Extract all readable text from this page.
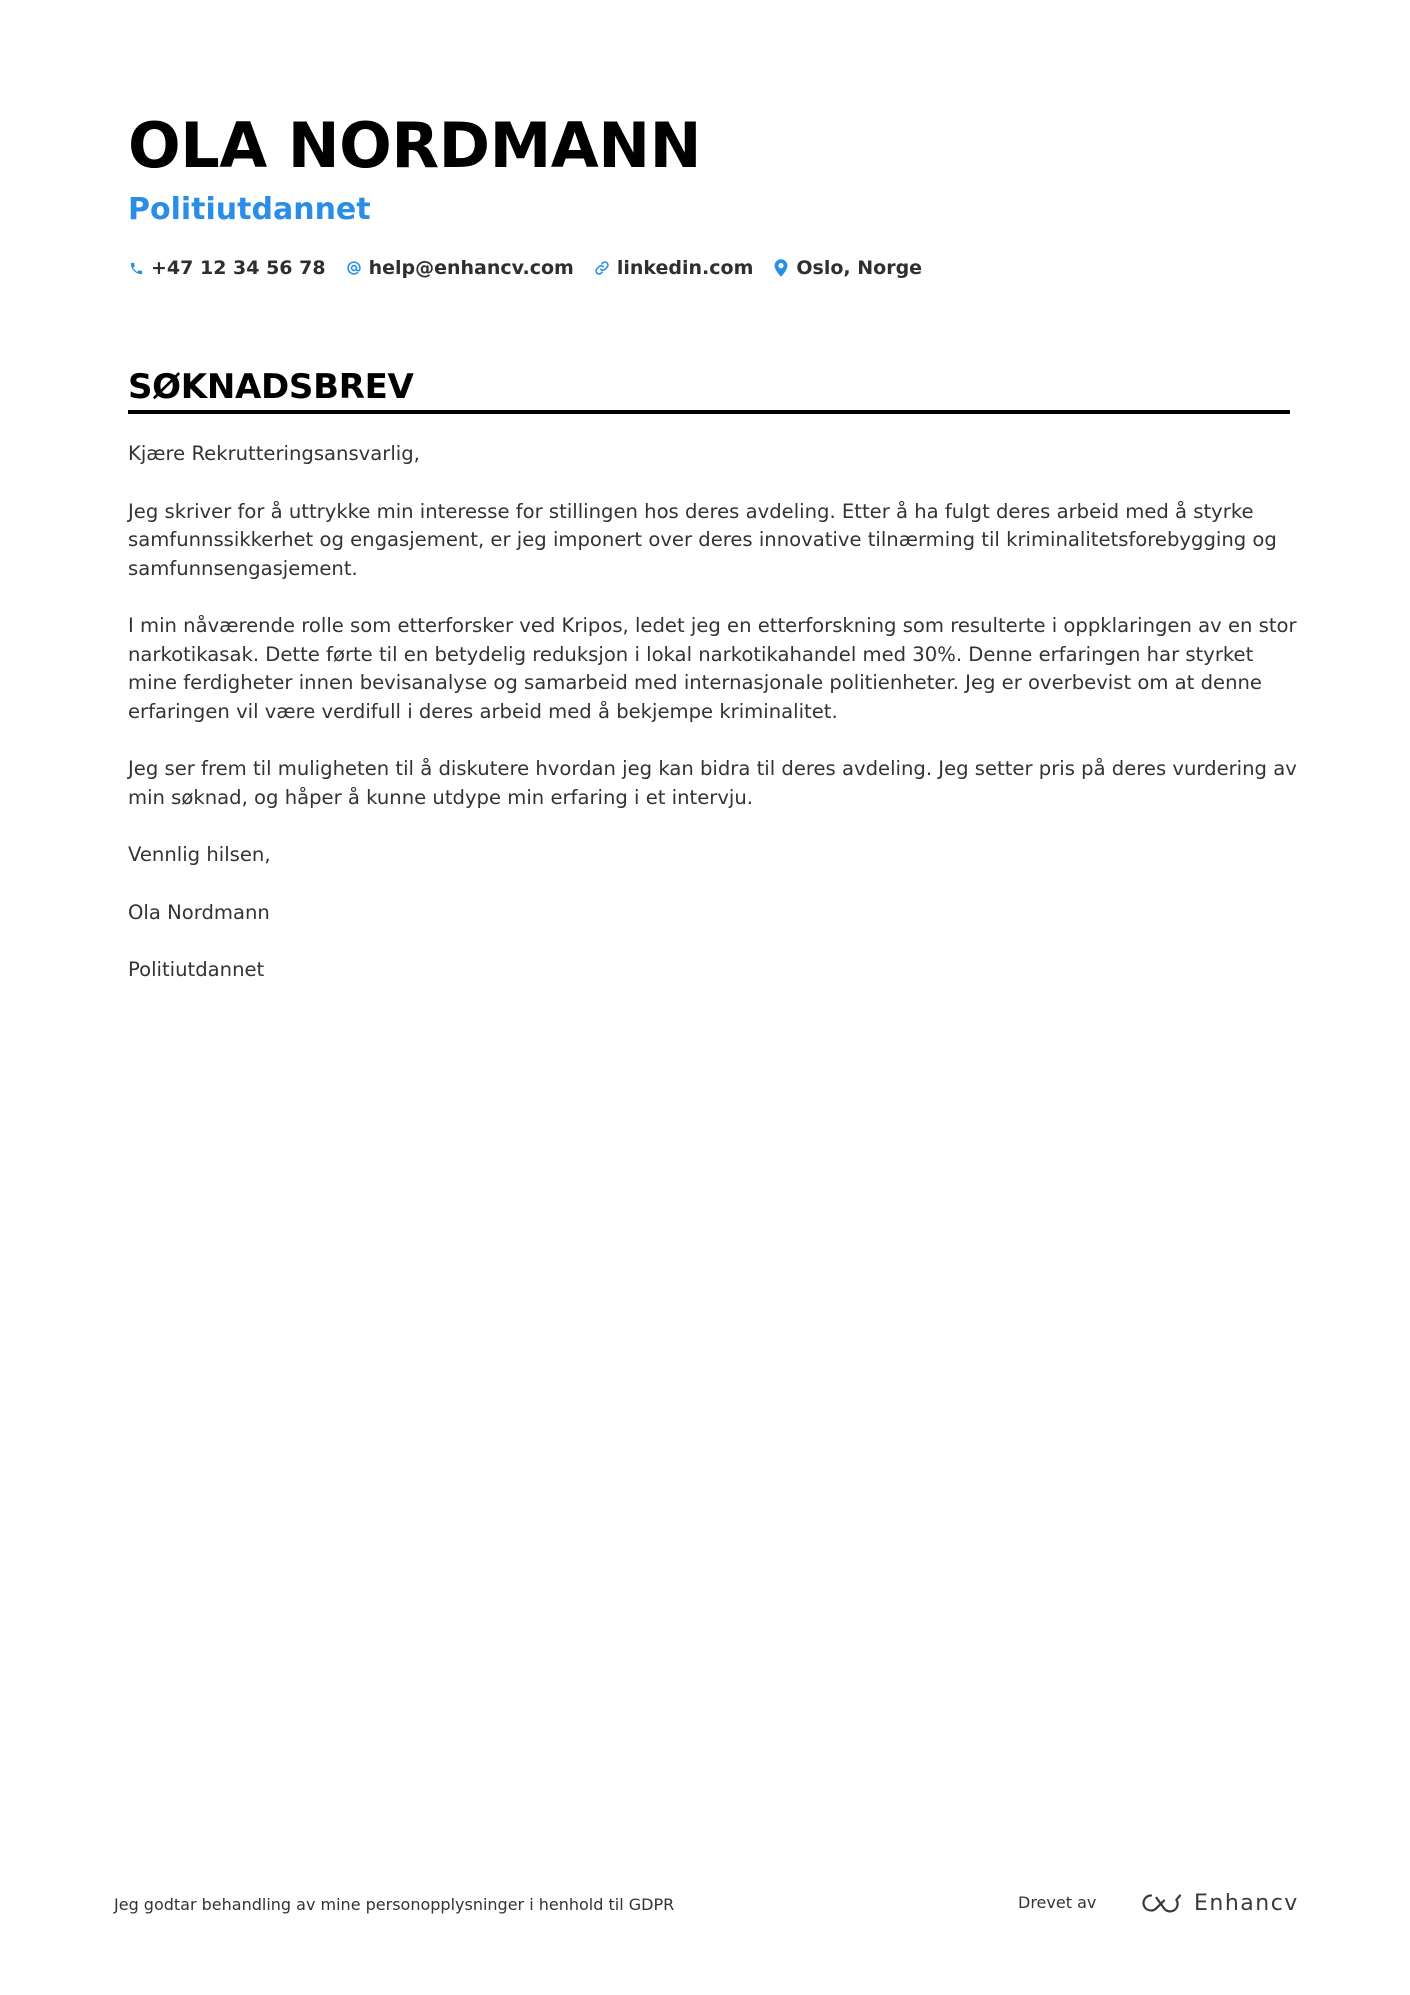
OLA NORDMANN
Politiutdannet
+47 12 34 56 78 help@enhancv.com linkedin.com Oslo, Norge
SØKNADSBREV

Kjære Rekrutteringsansvarlig,

Jeg skriver for å uttrykke min interesse for stillingen hos deres avdeling. Etter å ha fulgt deres arbeid med å styrke samfunnssikkerhet og engasjement, er jeg imponert over deres innovative tilnærming til kriminalitetsforebygging og samfunnsengasjement.

I min nåværende rolle som etterforsker ved Kripos, ledet jeg en etterforskning som resulterte i oppklaringen av en stor narkotikasak. Dette førte til en betydelig reduksjon i lokal narkotikahandel med 30%. Denne erfaringen har styrket mine ferdigheter innen bevisanalyse og samarbeid med internasjonale politienheter. Jeg er overbevist om at denne erfaringen vil være verdifull i deres arbeid med å bekjempe kriminalitet.

Jeg ser frem til muligheten til å diskutere hvordan jeg kan bidra til deres avdeling. Jeg setter pris på deres vurdering av min søknad, og håper å kunne utdype min erfaring i et intervju.

Vennlig hilsen,

Ola Nordmann

Politiutdannet

Jeg godtar behandling av mine personopplysninger i henhold til GDPR	Drevet av	Enhancv
